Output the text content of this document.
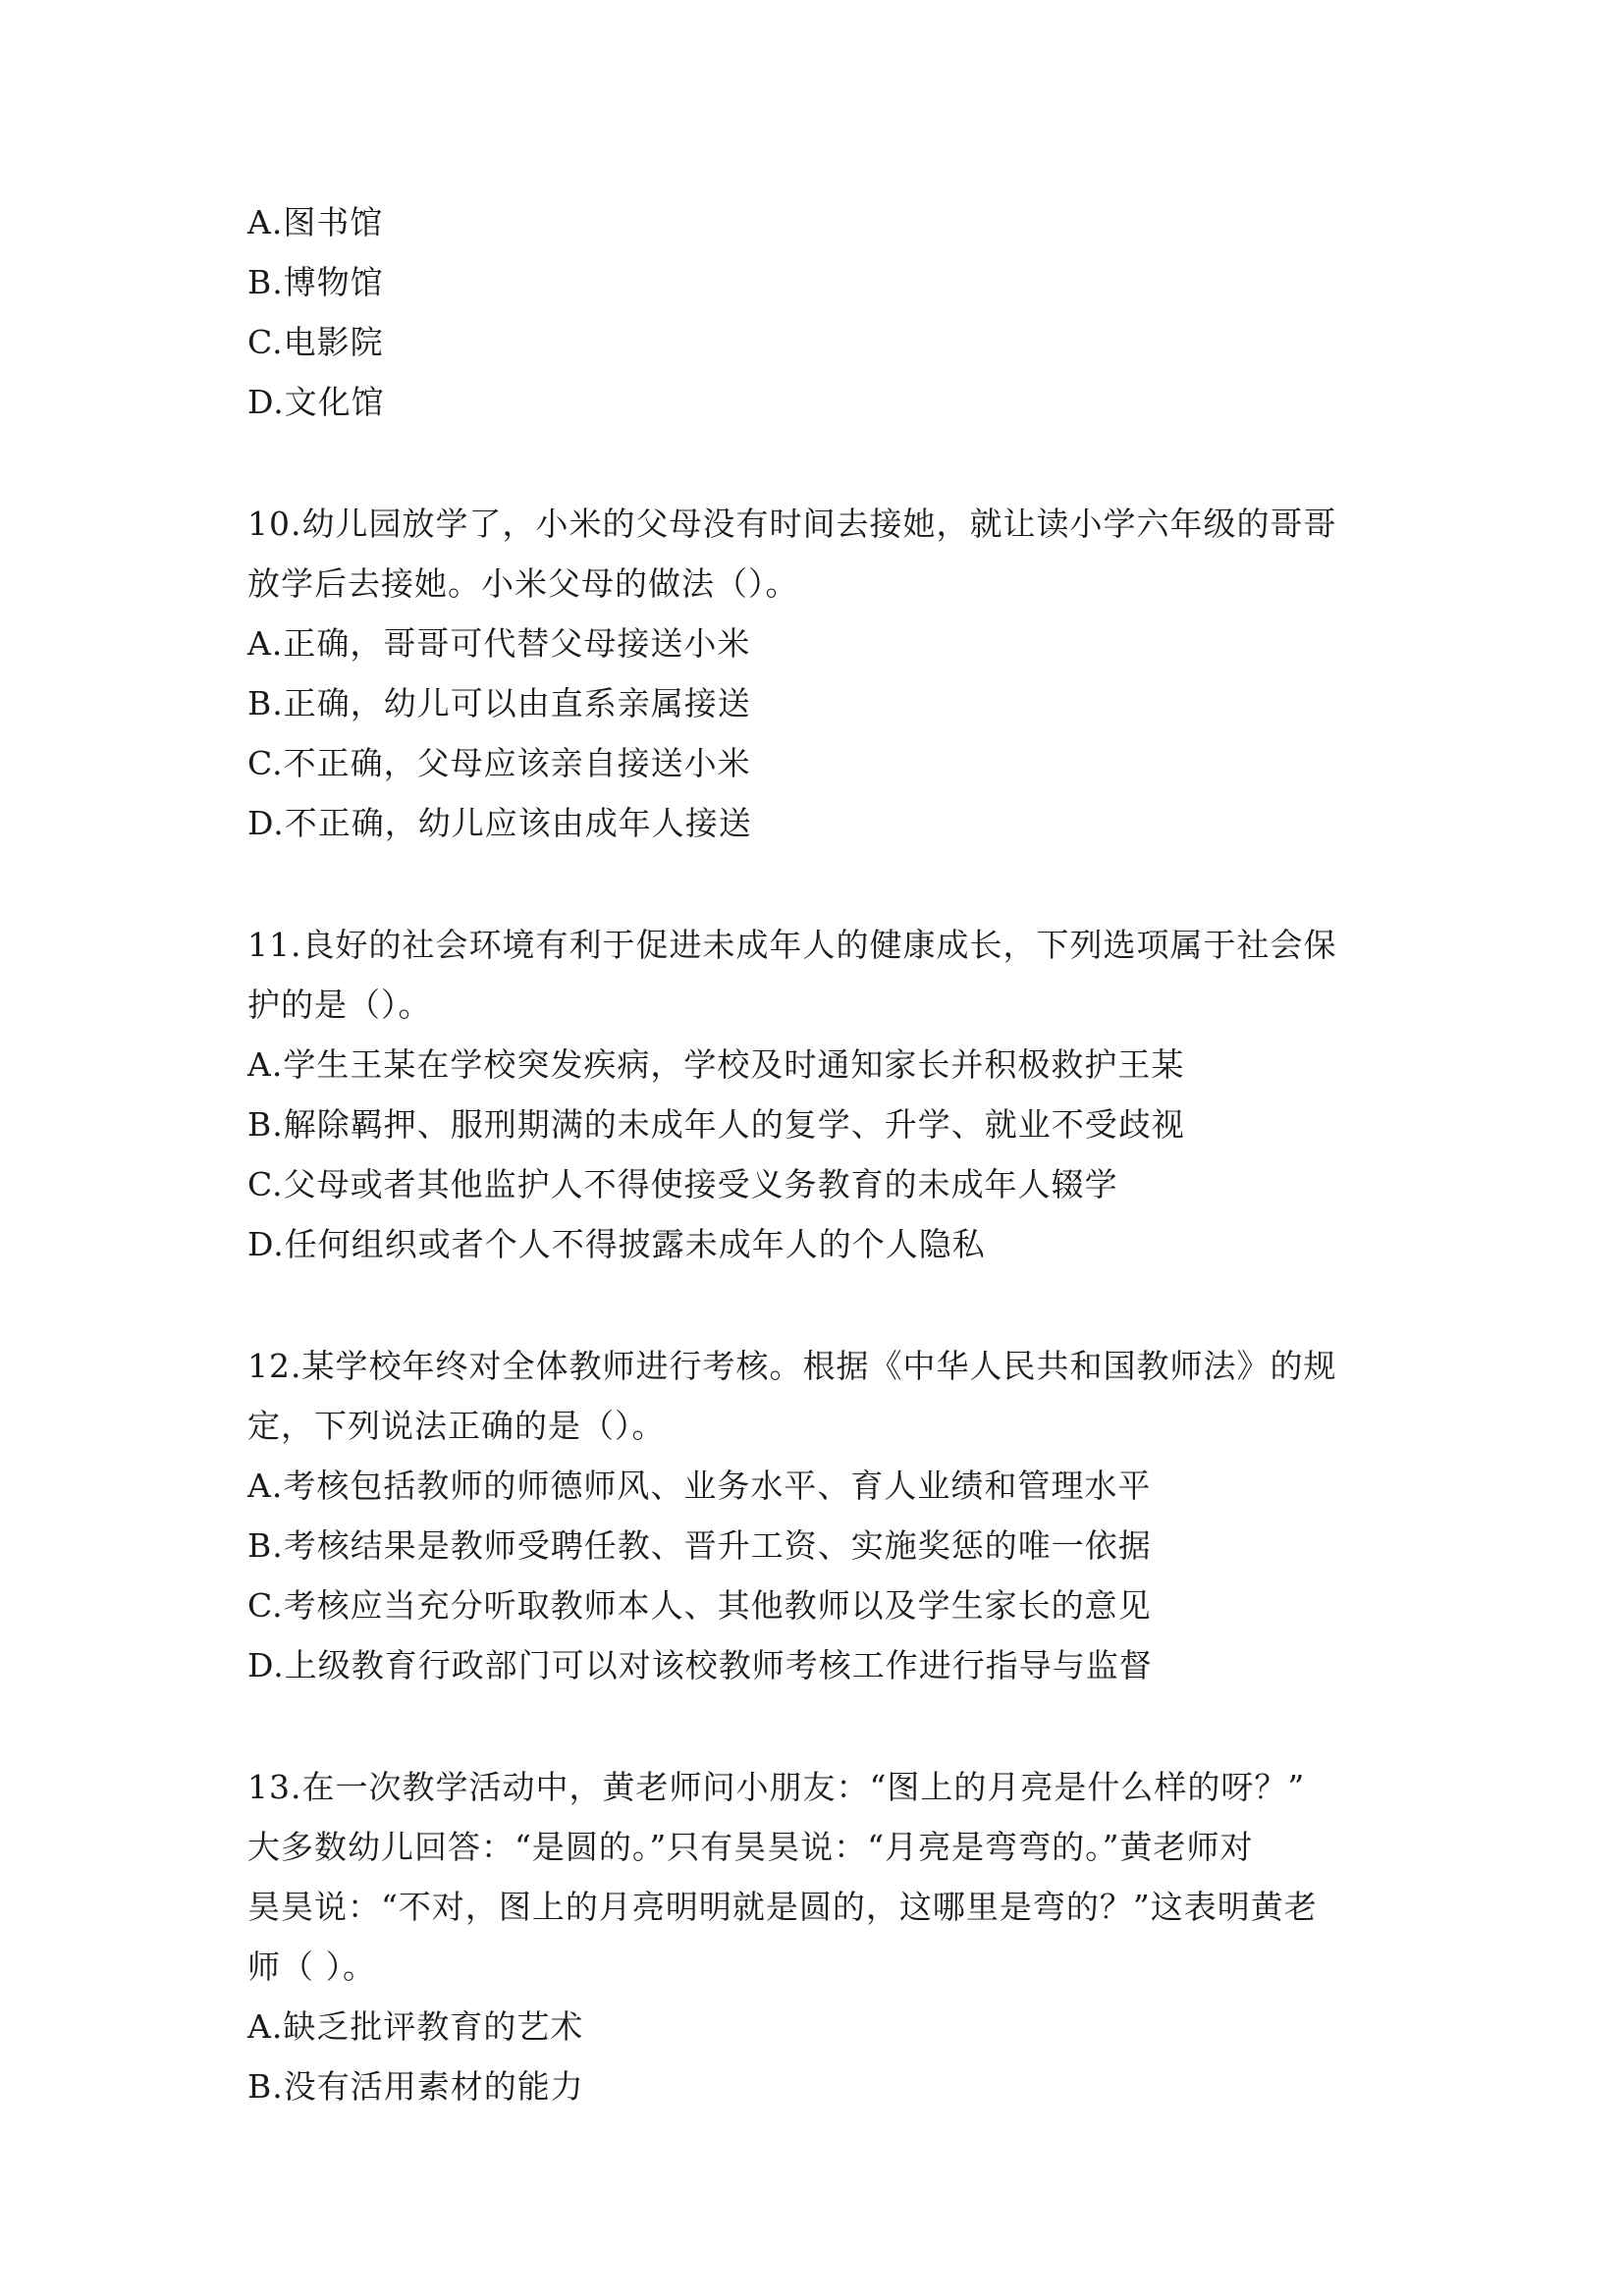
A.图书馆
B.博物馆
C.电影院
D.文化馆
10.幼儿园放学了，小米的父母没有时间去接她，就让读小学六年级的哥哥
放学后去接她。小米父母的做法（）。
A.正确，哥哥可代替父母接送小米
B.正确，幼儿可以由直系亲属接送
C.不正确，父母应该亲自接送小米
D.不正确，幼儿应该由成年人接送
11.良好的社会环境有利于促进未成年人的健康成长，下列选项属于社会保
护的是（）。
A.学生王某在学校突发疾病，学校及时通知家长并积极救护王某
B.解除羁押、服刑期满的未成年人的复学、升学、就业不受歧视
C.父母或者其他监护人不得使接受义务教育的未成年人辍学
D.任何组织或者个人不得披露未成年人的个人隐私
12.某学校年终对全体教师进行考核。根据《中华人民共和国教师法》的规
定，下列说法正确的是（）。
A.考核包括教师的师德师风、业务水平、育人业绩和管理水平
B.考核结果是教师受聘任教、晋升工资、实施奖惩的唯一依据
C.考核应当充分听取教师本人、其他教师以及学生家长的意见
D.上级教育行政部门可以对该校教师考核工作进行指导与监督
13.在一次教学活动中，黄老师问小朋友：“图上的月亮是什么样的呀？”
大多数幼儿回答：“是圆的。”只有昊昊说：“月亮是弯弯的。”黄老师对
昊昊说：“不对，图上的月亮明明就是圆的，这哪里是弯的？”这表明黄老
师（ ）。
A.缺乏批评教育的艺术
B.没有活用素材的能力
